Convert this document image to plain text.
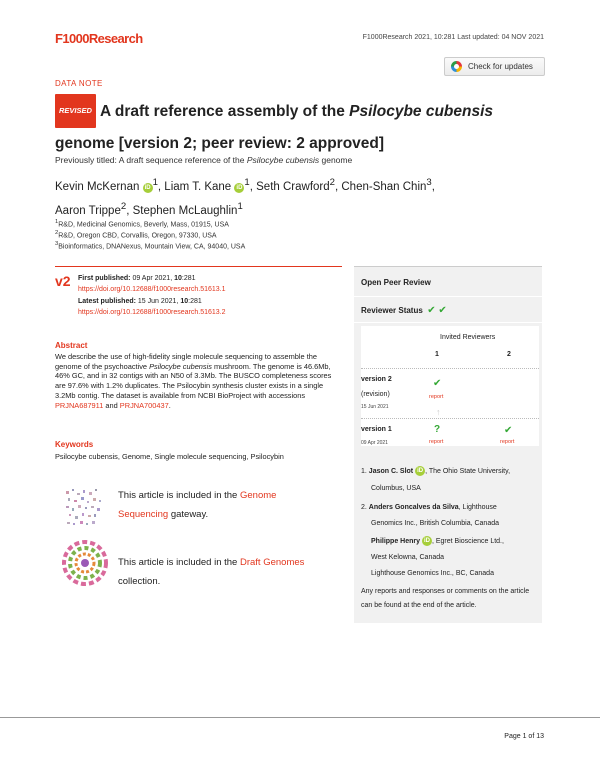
F1000Research	F1000Research 2021, 10:281 Last updated: 04 NOV 2021
DATA NOTE
Check for updates
REVISED A draft reference assembly of the Psilocybe cubensis
genome [version 2; peer review: 2 approved]
Previously titled: A draft sequence reference of the Psilocybe cubensis genome
Kevin McKernan iD $^1$, Liam T. Kane iD $^1$, Seth Crawford$^2$, Chen-Shan Chin$^3$,
Aaron Trippe$^2$, Stephen McLaughlin$^1$
$^1$R&D, Medicinal Genomics, Beverly, Mass, 01915, USA
$^2$R&D, Oregon CBD, Corvallis, Oregon, 97330, USA
$^3$Bioinformatics, DNANexus, Mountain View, CA, 94040, USA
v2 First published: 09 Apr 2021, 10:281
https://doi.org/10.12688/f1000research.51613.1
Latest published: 15 Jun 2021, 10:281
https://doi.org/10.12688/f1000research.51613.2
Abstract
We describe the use of high-fidelity single molecule sequencing to assemble the genome of the psychoactive Psilocybe cubensis mushroom. The genome is 46.6Mb, 46% GC, and in 32 contigs with an N50 of 3.3Mb. The BUSCO completeness scores are 97.6% with 1.2% duplicates. The Psilocybin synthesis cluster exists in a single 3.2Mb contig. The dataset is available from NCBI BioProject with accessions PRJNA687911 and PRJNA700437.
Keywords
Psilocybe cubensis, Genome, Single molecule sequencing, Psilocybin
This article is included in the Genome Sequencing gateway.
This article is included in the Draft Genomes collection.
Open Peer Review
Reviewer Status ✔ ✔
Invited Reviewers
1	2
version 2
(revision)
15 Jun 2021
✔
report
↑
version 1
09 Apr 2021
?
report
✔
report
1. Jason C. Slot iD , The Ohio State University,
Columbus, USA
2. Anders Goncalves da Silva, Lighthouse
Genomics Inc., British Columbia, Canada
Philippe Henry iD , Egret Bioscience Ltd.,
West Kelowna, Canada
Lighthouse Genomics Inc., BC, Canada
Any reports and responses or comments on the article can be found at the end of the article.
Page 1 of 13
